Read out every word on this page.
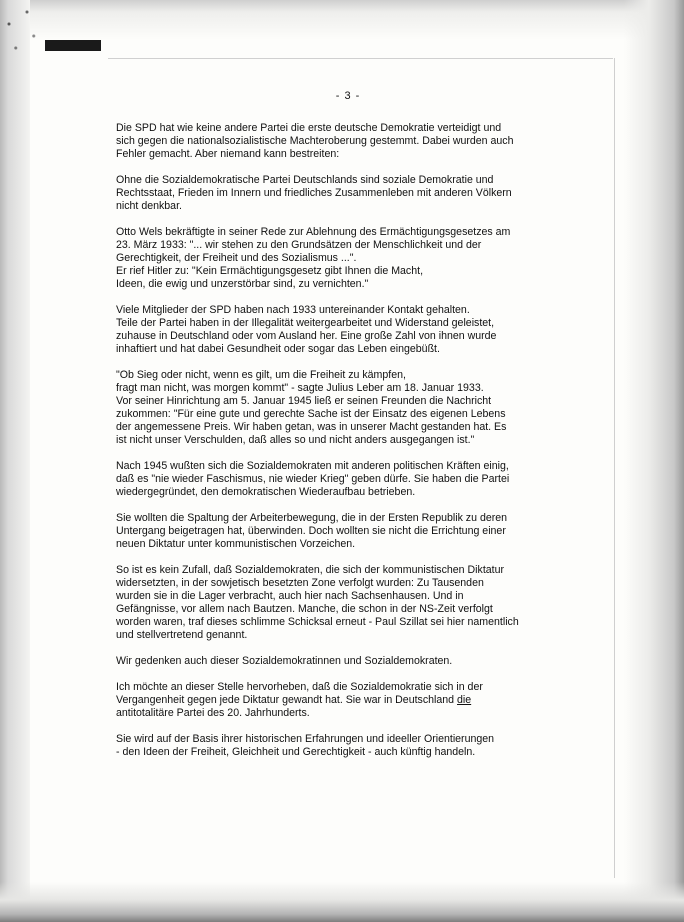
- 3 -

Die SPD hat wie keine andere Partei die erste deutsche Demokratie verteidigt und
sich gegen die nationalsozialistische Machteroberung gestemmt. Dabei wurden auch
Fehler gemacht. Aber niemand kann bestreiten:

Ohne die Sozialdemokratische Partei Deutschlands sind soziale Demokratie und
Rechtsstaat, Frieden im Innern und friedliches Zusammenleben mit anderen Völkern
nicht denkbar.

Otto Wels bekräftigte in seiner Rede zur Ablehnung des Ermächtigungsgesetzes am
23. März 1933: "... wir stehen zu den Grundsätzen der Menschlichkeit und der
Gerechtigkeit, der Freiheit und des Sozialismus ...".
Er rief Hitler zu: "Kein Ermächtigungsgesetz gibt Ihnen die Macht,
Ideen, die ewig und unzerstörbar sind, zu vernichten."

Viele Mitglieder der SPD haben nach 1933 untereinander Kontakt gehalten.
Teile der Partei haben in der Illegalität weitergearbeitet und Widerstand geleistet,
zuhause in Deutschland oder vom Ausland her. Eine große Zahl von ihnen wurde
inhaftiert und hat dabei Gesundheit oder sogar das Leben eingebüßt.

"Ob Sieg oder nicht, wenn es gilt, um die Freiheit zu kämpfen,
fragt man nicht, was morgen kommt" - sagte Julius Leber am 18. Januar 1933.
Vor seiner Hinrichtung am 5. Januar 1945 ließ er seinen Freunden die Nachricht
zukommen: "Für eine gute und gerechte Sache ist der Einsatz des eigenen Lebens
der angemessene Preis. Wir haben getan, was in unserer Macht gestanden hat. Es
ist nicht unser Verschulden, daß alles so und nicht anders ausgegangen ist."

Nach 1945 wußten sich die Sozialdemokraten mit anderen politischen Kräften einig,
daß es "nie wieder Faschismus, nie wieder Krieg" geben dürfe. Sie haben die Partei
wiedergegründet, den demokratischen Wiederaufbau betrieben.

Sie wollten die Spaltung der Arbeiterbewegung, die in der Ersten Republik zu deren
Untergang beigetragen hat, überwinden. Doch wollten sie nicht die Errichtung einer
neuen Diktatur unter kommunistischen Vorzeichen.

So ist es kein Zufall, daß Sozialdemokraten, die sich der kommunistischen Diktatur
widersetzten, in der sowjetisch besetzten Zone verfolgt wurden: Zu Tausenden
wurden sie in die Lager verbracht, auch hier nach Sachsenhausen. Und in
Gefängnisse, vor allem nach Bautzen. Manche, die schon in der NS-Zeit verfolgt
worden waren, traf dieses schlimme Schicksal erneut - Paul Szillat sei hier namentlich
und stellvertretend genannt.

Wir gedenken auch dieser Sozialdemokratinnen und Sozialdemokraten.

Ich möchte an dieser Stelle hervorheben, daß die Sozialdemokratie sich in der
Vergangenheit gegen jede Diktatur gewandt hat. Sie war in Deutschland die
antitotalitäre Partei des 20. Jahrhunderts.

Sie wird auf der Basis ihrer historischen Erfahrungen und ideeller Orientierungen
- den Ideen der Freiheit, Gleichheit und Gerechtigkeit - auch künftig handeln.
